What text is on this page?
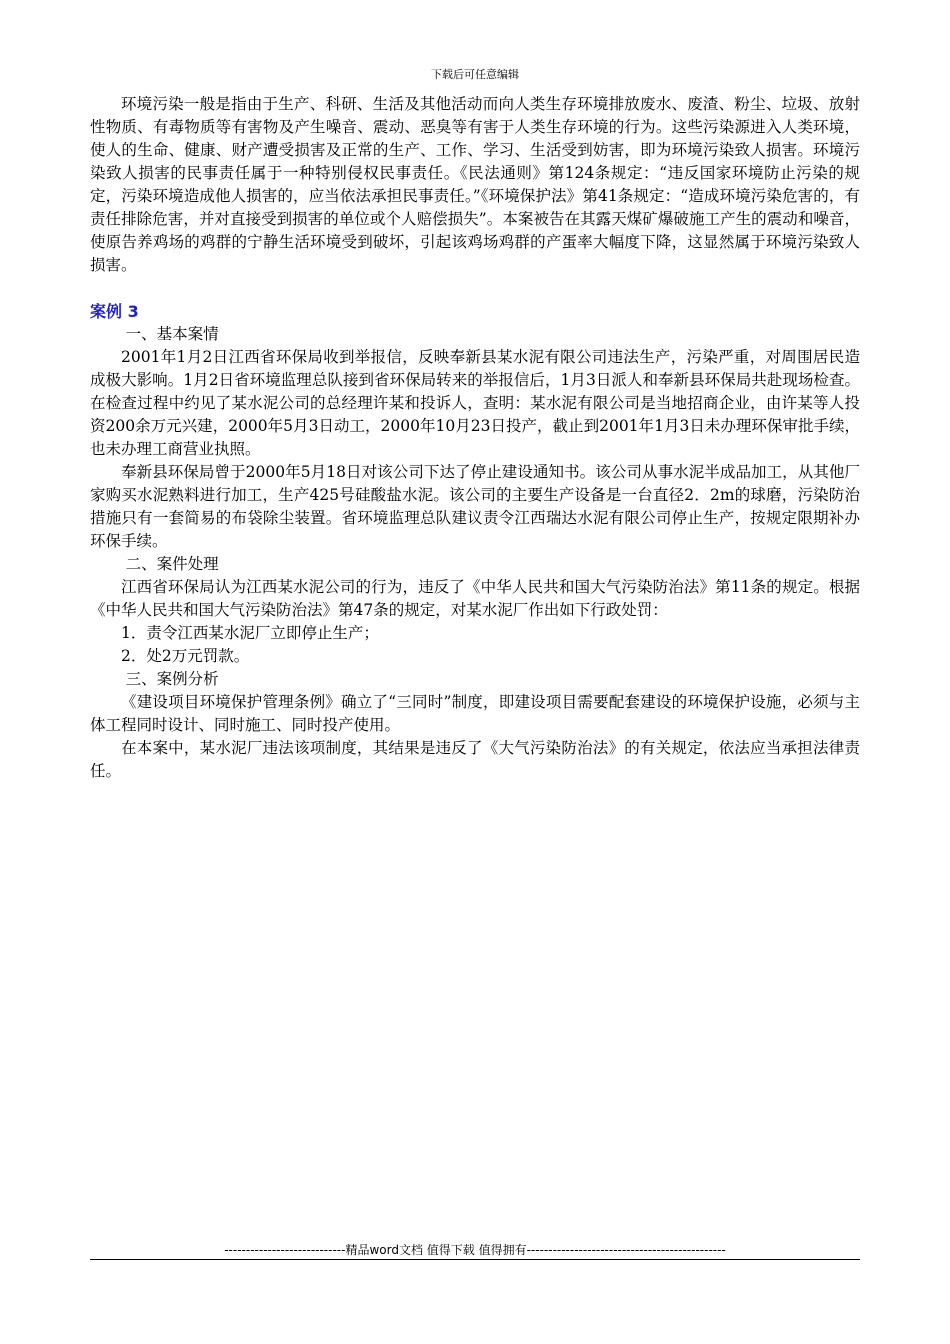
下载后可任意编辑

环境污染一般是指由于生产、科研、生活及其他活动而向人类生存环境排放废水、废渣、粉尘、垃圾、放射性物质、有毒物质等有害物及产生噪音、震动、恶臭等有害于人类生存环境的行为。这些污染源进入人类环境，使人的生命、健康、财产遭受损害及正常的生产、工作、学习、生活受到妨害，即为环境污染致人损害。环境污染致人损害的民事责任属于一种特别侵权民事责任。《民法通则》第124条规定：“违反国家环境防止污染的规定，污染环境造成他人损害的，应当依法承担民事责任。”《环境保护法》第41条规定：“造成环境污染危害的，有责任排除危害，并对直接受到损害的单位或个人赔偿损失”。本案被告在其露天煤矿爆破施工产生的震动和噪音，使原告养鸡场的鸡群的宁静生活环境受到破坏，引起该鸡场鸡群的产蛋率大幅度下降，这显然属于环境污染致人损害。

案例 3

一、基本案情

2001年1月2日江西省环保局收到举报信，反映奉新县某水泥有限公司违法生产，污染严重，对周围居民造成极大影响。1月2日省环境监理总队接到省环保局转来的举报信后，1月3日派人和奉新县环保局共赴现场检查。在检查过程中约见了某水泥公司的总经理许某和投诉人，查明：某水泥有限公司是当地招商企业，由许某等人投资200余万元兴建，2000年5月3日动工，2000年10月23日投产，截止到2001年1月3日未办理环保审批手续，也未办理工商营业执照。

奉新县环保局曾于2000年5月18日对该公司下达了停止建设通知书。该公司从事水泥半成品加工，从其他厂家购买水泥熟料进行加工，生产425号硅酸盐水泥。该公司的主要生产设备是一台直径2．2m的球磨，污染防治措施只有一套简易的布袋除尘装置。省环境监理总队建议责令江西瑞达水泥有限公司停止生产，按规定限期补办环保手续。

二、案件处理

江西省环保局认为江西某水泥公司的行为，违反了《中华人民共和国大气污染防治法》第11条的规定。根据《中华人民共和国大气污染防治法》第47条的规定，对某水泥厂作出如下行政处罚：

1．责令江西某水泥厂立即停止生产；

2．处2万元罚款。

三、案例分析

《建设项目环境保护管理条例》确立了“三同时”制度，即建设项目需要配套建设的环境保护设施，必须与主体工程同时设计、同时施工、同时投产使用。

在本案中，某水泥厂违法该项制度，其结果是违反了《大气污染防治法》的有关规定，依法应当承担法律责任。

----------------------------精品word文档 值得下载 值得拥有----------------------------------------------
